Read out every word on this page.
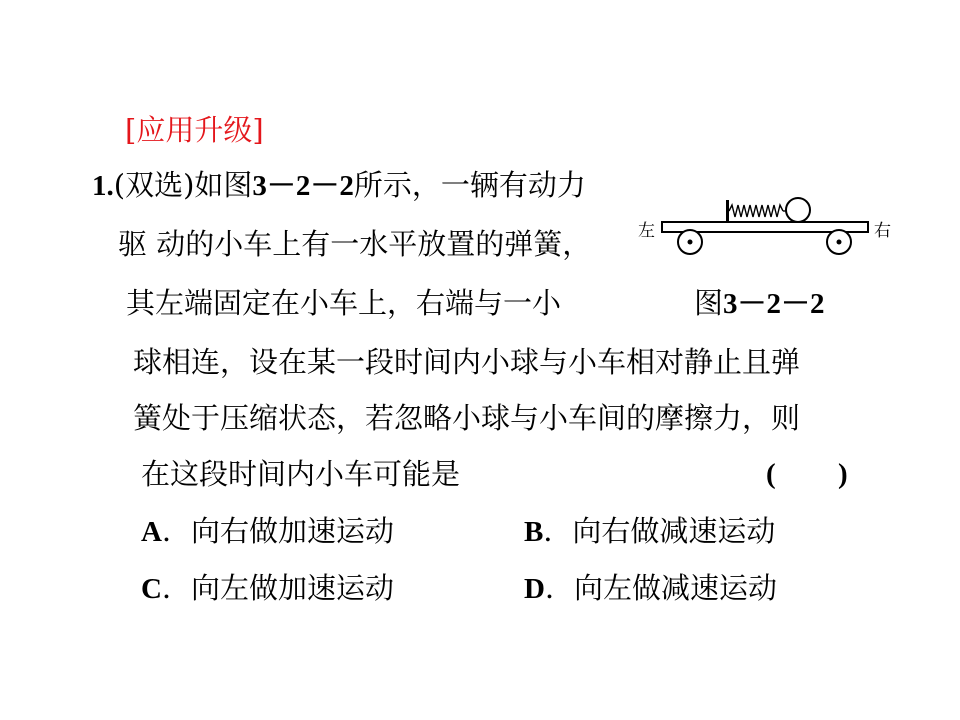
[应用升级]
1.(双选)如图3－2－2所示，一辆有动力
驱 动的小车上有一水平放置的弹簧，
其左端固定在小车上，右端与一小	图3－2－2
球相连，设在某一段时间内小球与小车相对静止且弹
簧处于压缩状态，若忽略小球与小车间的摩擦力，则
在这段时间内小车可能是	( )
A．向右做加速运动	B．向右做减速运动
C．向左做加速运动	D．向左做减速运动
左	右
